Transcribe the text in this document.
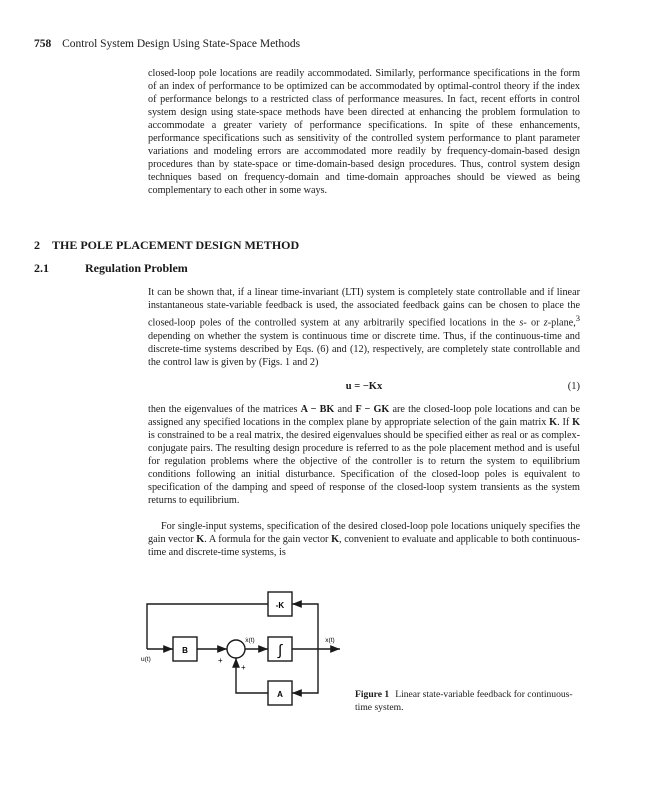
758 Control System Design Using State-Space Methods
closed-loop pole locations are readily accommodated. Similarly, performance specifications in the form of an index of performance to be optimized can be accommodated by optimal-control theory if the index of performance belongs to a restricted class of performance measures. In fact, recent efforts in control system design using state-space methods have been directed at enhancing the problem formulation to accommodate a greater variety of performance specifications. In spite of these enhancements, performance specifications such as sensitivity of the controlled system performance to plant parameter variations and modeling errors are accommodated more readily by frequency-domain-based design procedures than by state-space or time-domain-based design procedures. Thus, control system design techniques based on frequency-domain and time-domain approaches should be viewed as being complementary to each other in some ways.
2 THE POLE PLACEMENT DESIGN METHOD
2.1	Regulation Problem
It can be shown that, if a linear time-invariant (LTI) system is completely state controllable and if linear instantaneous state-variable feedback is used, the associated feedback gains can be chosen to place the closed-loop poles of the controlled system at any arbitrarily specified locations in the s- or z-plane,$^3$ depending on whether the system is continuous time or discrete time. Thus, if the continuous-time and discrete-time systems described by Eqs. (6) and (12), respectively, are completely state controllable and the control law is given by (Figs. 1 and 2)
u = −Kx	(1)
then the eigenvalues of the matrices A − BK and F − GK are the closed-loop pole locations and can be assigned any specified locations in the complex plane by appropriate selection of the gain matrix K. If K is constrained to be a real matrix, the desired eigenvalues should be specified either as real or as complex-conjugate pairs. The resulting design procedure is referred to as the pole placement method and is useful for regulation problems where the objective of the controller is to return the system to equilibrium conditions following an initial disturbance. Specification of the closed-loop poles is equivalent to specification of the damping and speed of response of the closed-loop system transients as the system returns to equilibrium.
For single-input systems, specification of the desired closed-loop pole locations uniquely specifies the gain vector K. A formula for the gain vector K, convenient to evaluate and applicable to both continuous-time and discrete-time systems, is
-K
B	∫
A
ẋ(t)	x(t)
u(t)	+
+
Figure 1 Linear state-variable feedback for continuous-time system.
